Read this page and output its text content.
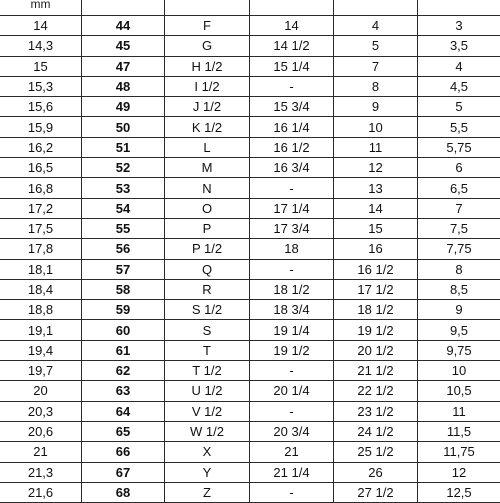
mm					
14	44	F	14	4	3
14,3	45	G	14 1/2	5	3,5
15	47	H 1/2	15 1/4	7	4
15,3	48	I 1/2	-	8	4,5
15,6	49	J 1/2	15 3/4	9	5
15,9	50	K 1/2	16 1/4	10	5,5
16,2	51	L	16 1/2	11	5,75
16,5	52	M	16 3/4	12	6
16,8	53	N	-	13	6,5
17,2	54	O	17 1/4	14	7
17,5	55	P	17 3/4	15	7,5
17,8	56	P 1/2	18	16	7,75
18,1	57	Q	-	16 1/2	8
18,4	58	R	18 1/2	17 1/2	8,5
18,8	59	S 1/2	18 3/4	18 1/2	9
19,1	60	S	19 1/4	19 1/2	9,5
19,4	61	T	19 1/2	20 1/2	9,75
19,7	62	T 1/2	-	21 1/2	10
20	63	U 1/2	20 1/4	22 1/2	10,5
20,3	64	V 1/2	-	23 1/2	11
20,6	65	W 1/2	20 3/4	24 1/2	11,5
21	66	X	21	25 1/2	11,75
21,3	67	Y	21 1/4	26	12
21,6	68	Z	-	27 1/2	12,5
